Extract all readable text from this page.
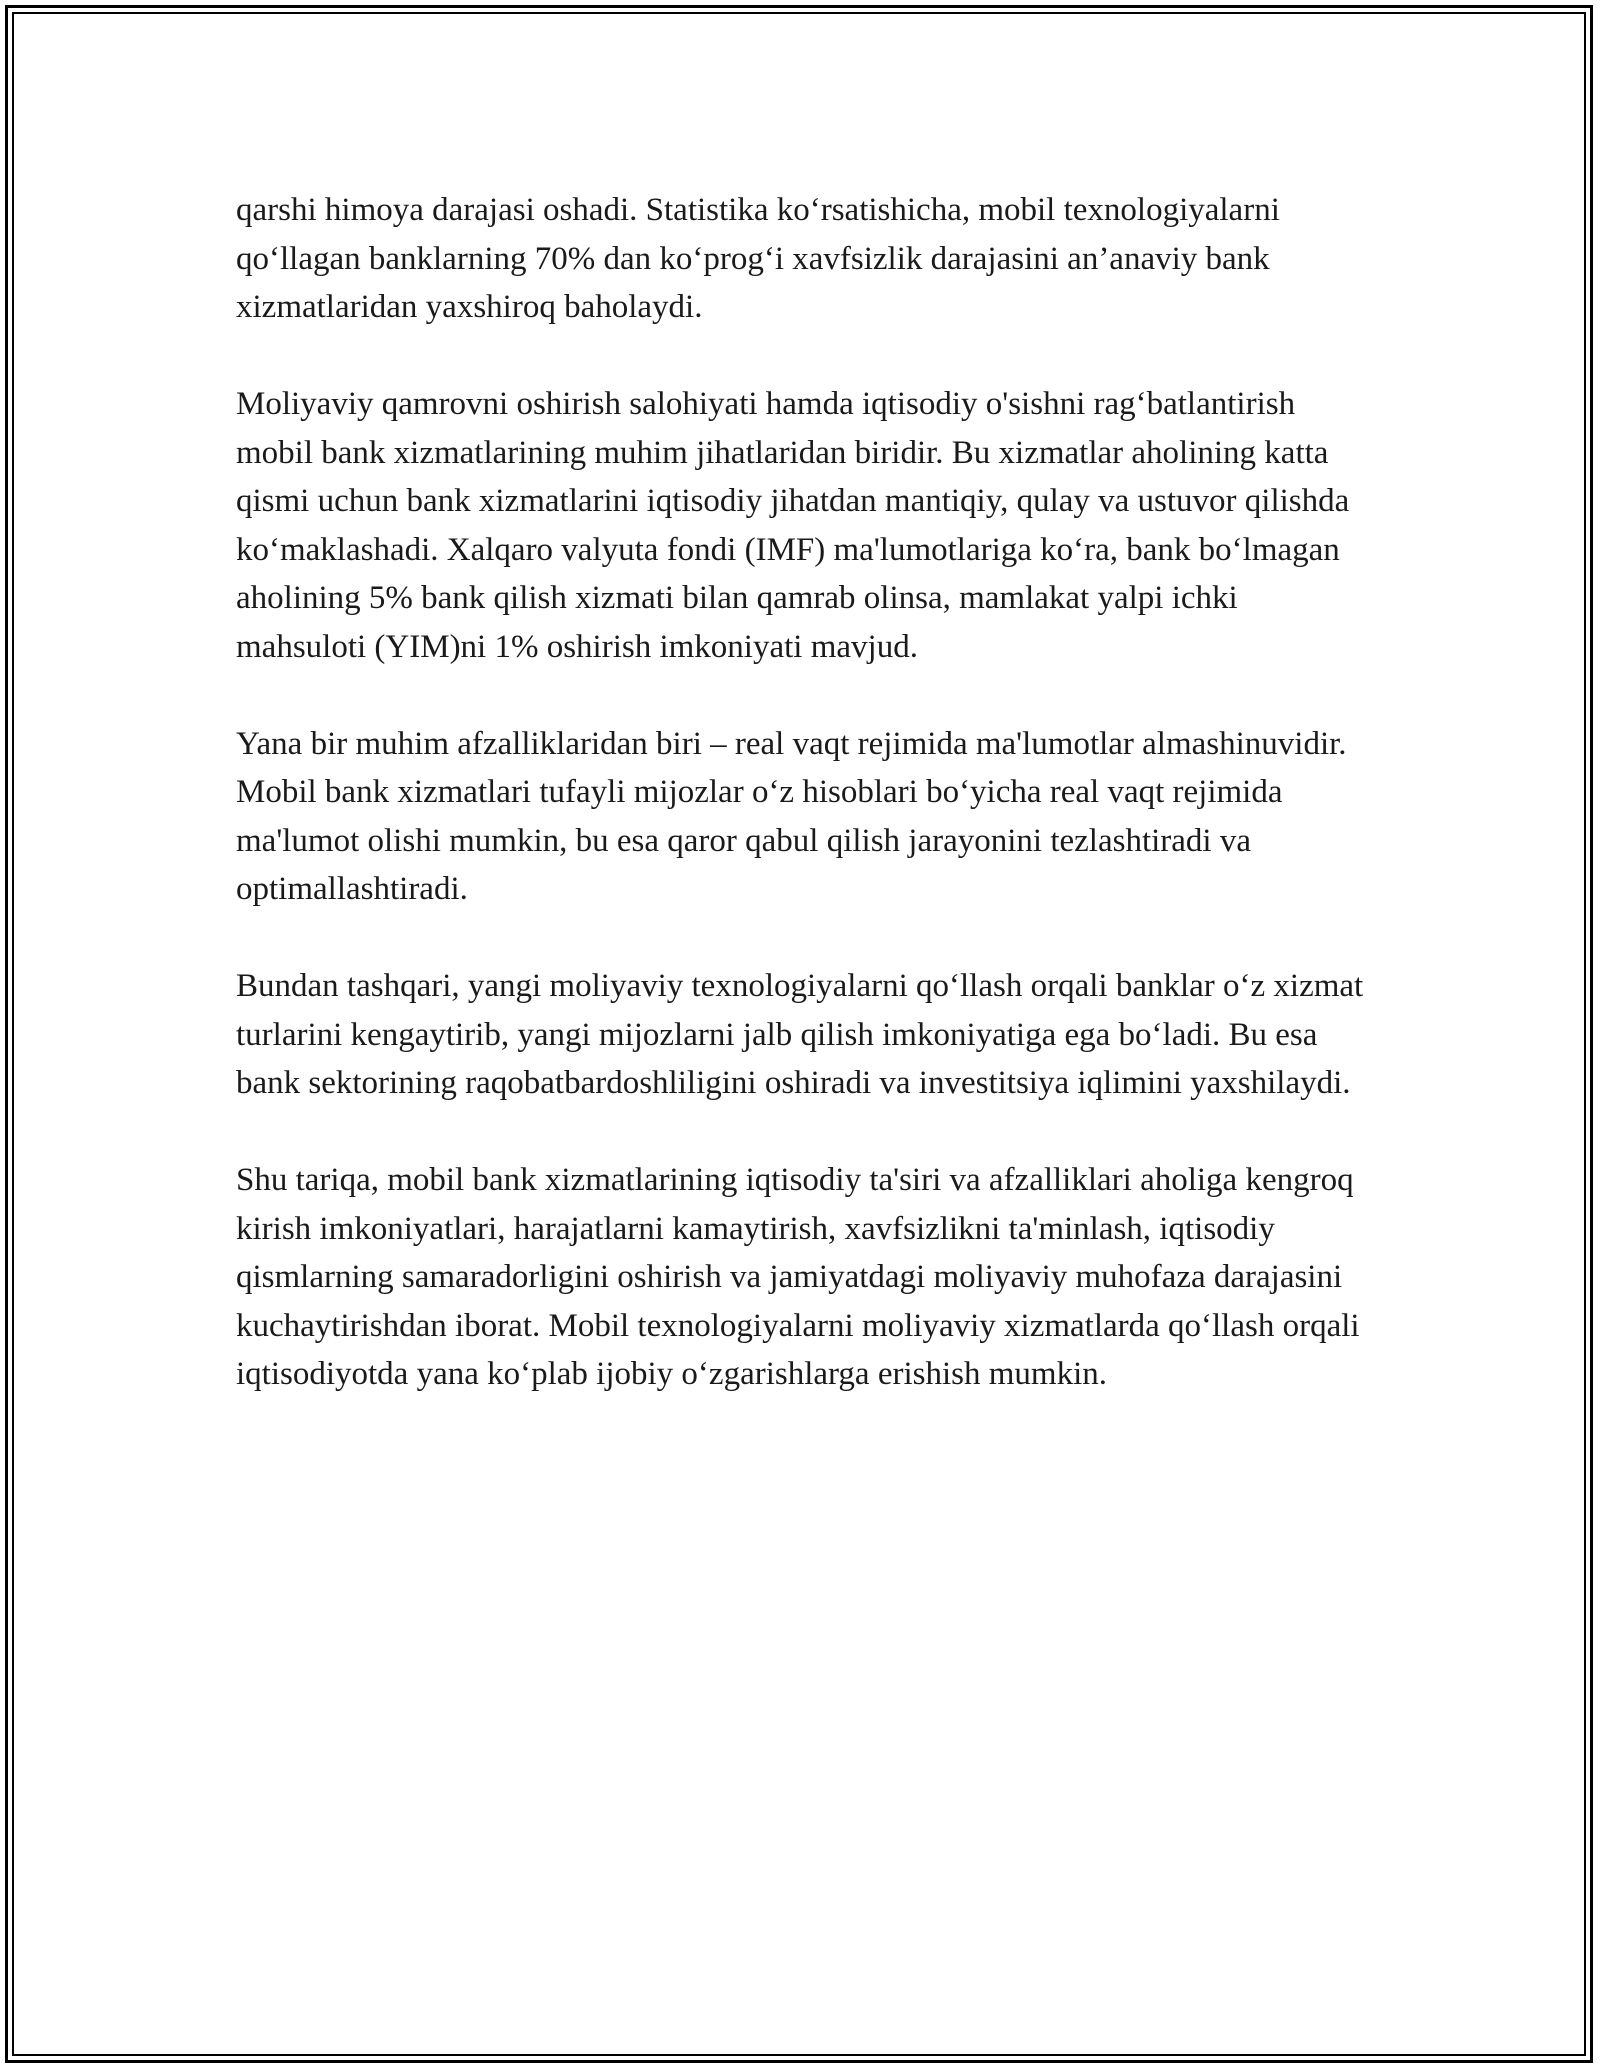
qarshi himoya darajasi oshadi. Statistika ko‘rsatishicha, mobil texnologiyalarni qo‘llagan banklarning 70% dan ko‘prog‘i xavfsizlik darajasini an’anaviy bank xizmatlaridan yaxshiroq baholaydi.

Moliyaviy qamrovni oshirish salohiyati hamda iqtisodiy o'sishni rag‘batlantirish mobil bank xizmatlarining muhim jihatlaridan biridir. Bu xizmatlar aholining katta qismi uchun bank xizmatlarini iqtisodiy jihatdan mantiqiy, qulay va ustuvor qilishda ko‘maklashadi. Xalqaro valyuta fondi (IMF) ma'lumotlariga ko‘ra, bank bo‘lmagan aholining 5% bank qilish xizmati bilan qamrab olinsa, mamlakat yalpi ichki mahsuloti (YIM)ni 1% oshirish imkoniyati mavjud.

Yana bir muhim afzalliklaridan biri – real vaqt rejimida ma'lumotlar almashinuvidir. Mobil bank xizmatlari tufayli mijozlar o‘z hisoblari bo‘yicha real vaqt rejimida ma'lumot olishi mumkin, bu esa qaror qabul qilish jarayonini tezlashtiradi va optimallashtiradi.

Bundan tashqari, yangi moliyaviy texnologiyalarni qo‘llash orqali banklar o‘z xizmat turlarini kengaytirib, yangi mijozlarni jalb qilish imkoniyatiga ega bo‘ladi. Bu esa bank sektorining raqobatbardoshliligini oshiradi va investitsiya iqlimini yaxshilaydi.

Shu tariqa, mobil bank xizmatlarining iqtisodiy ta'siri va afzalliklari aholiga kengroq kirish imkoniyatlari, harajatlarni kamaytirish, xavfsizlikni ta'minlash, iqtisodiy qismlarning samaradorligini oshirish va jamiyatdagi moliyaviy muhofaza darajasini kuchaytirishdan iborat. Mobil texnologiyalarni moliyaviy xizmatlarda qo‘llash orqali iqtisodiyotda yana ko‘plab ijobiy o‘zgarishlarga erishish mumkin.
